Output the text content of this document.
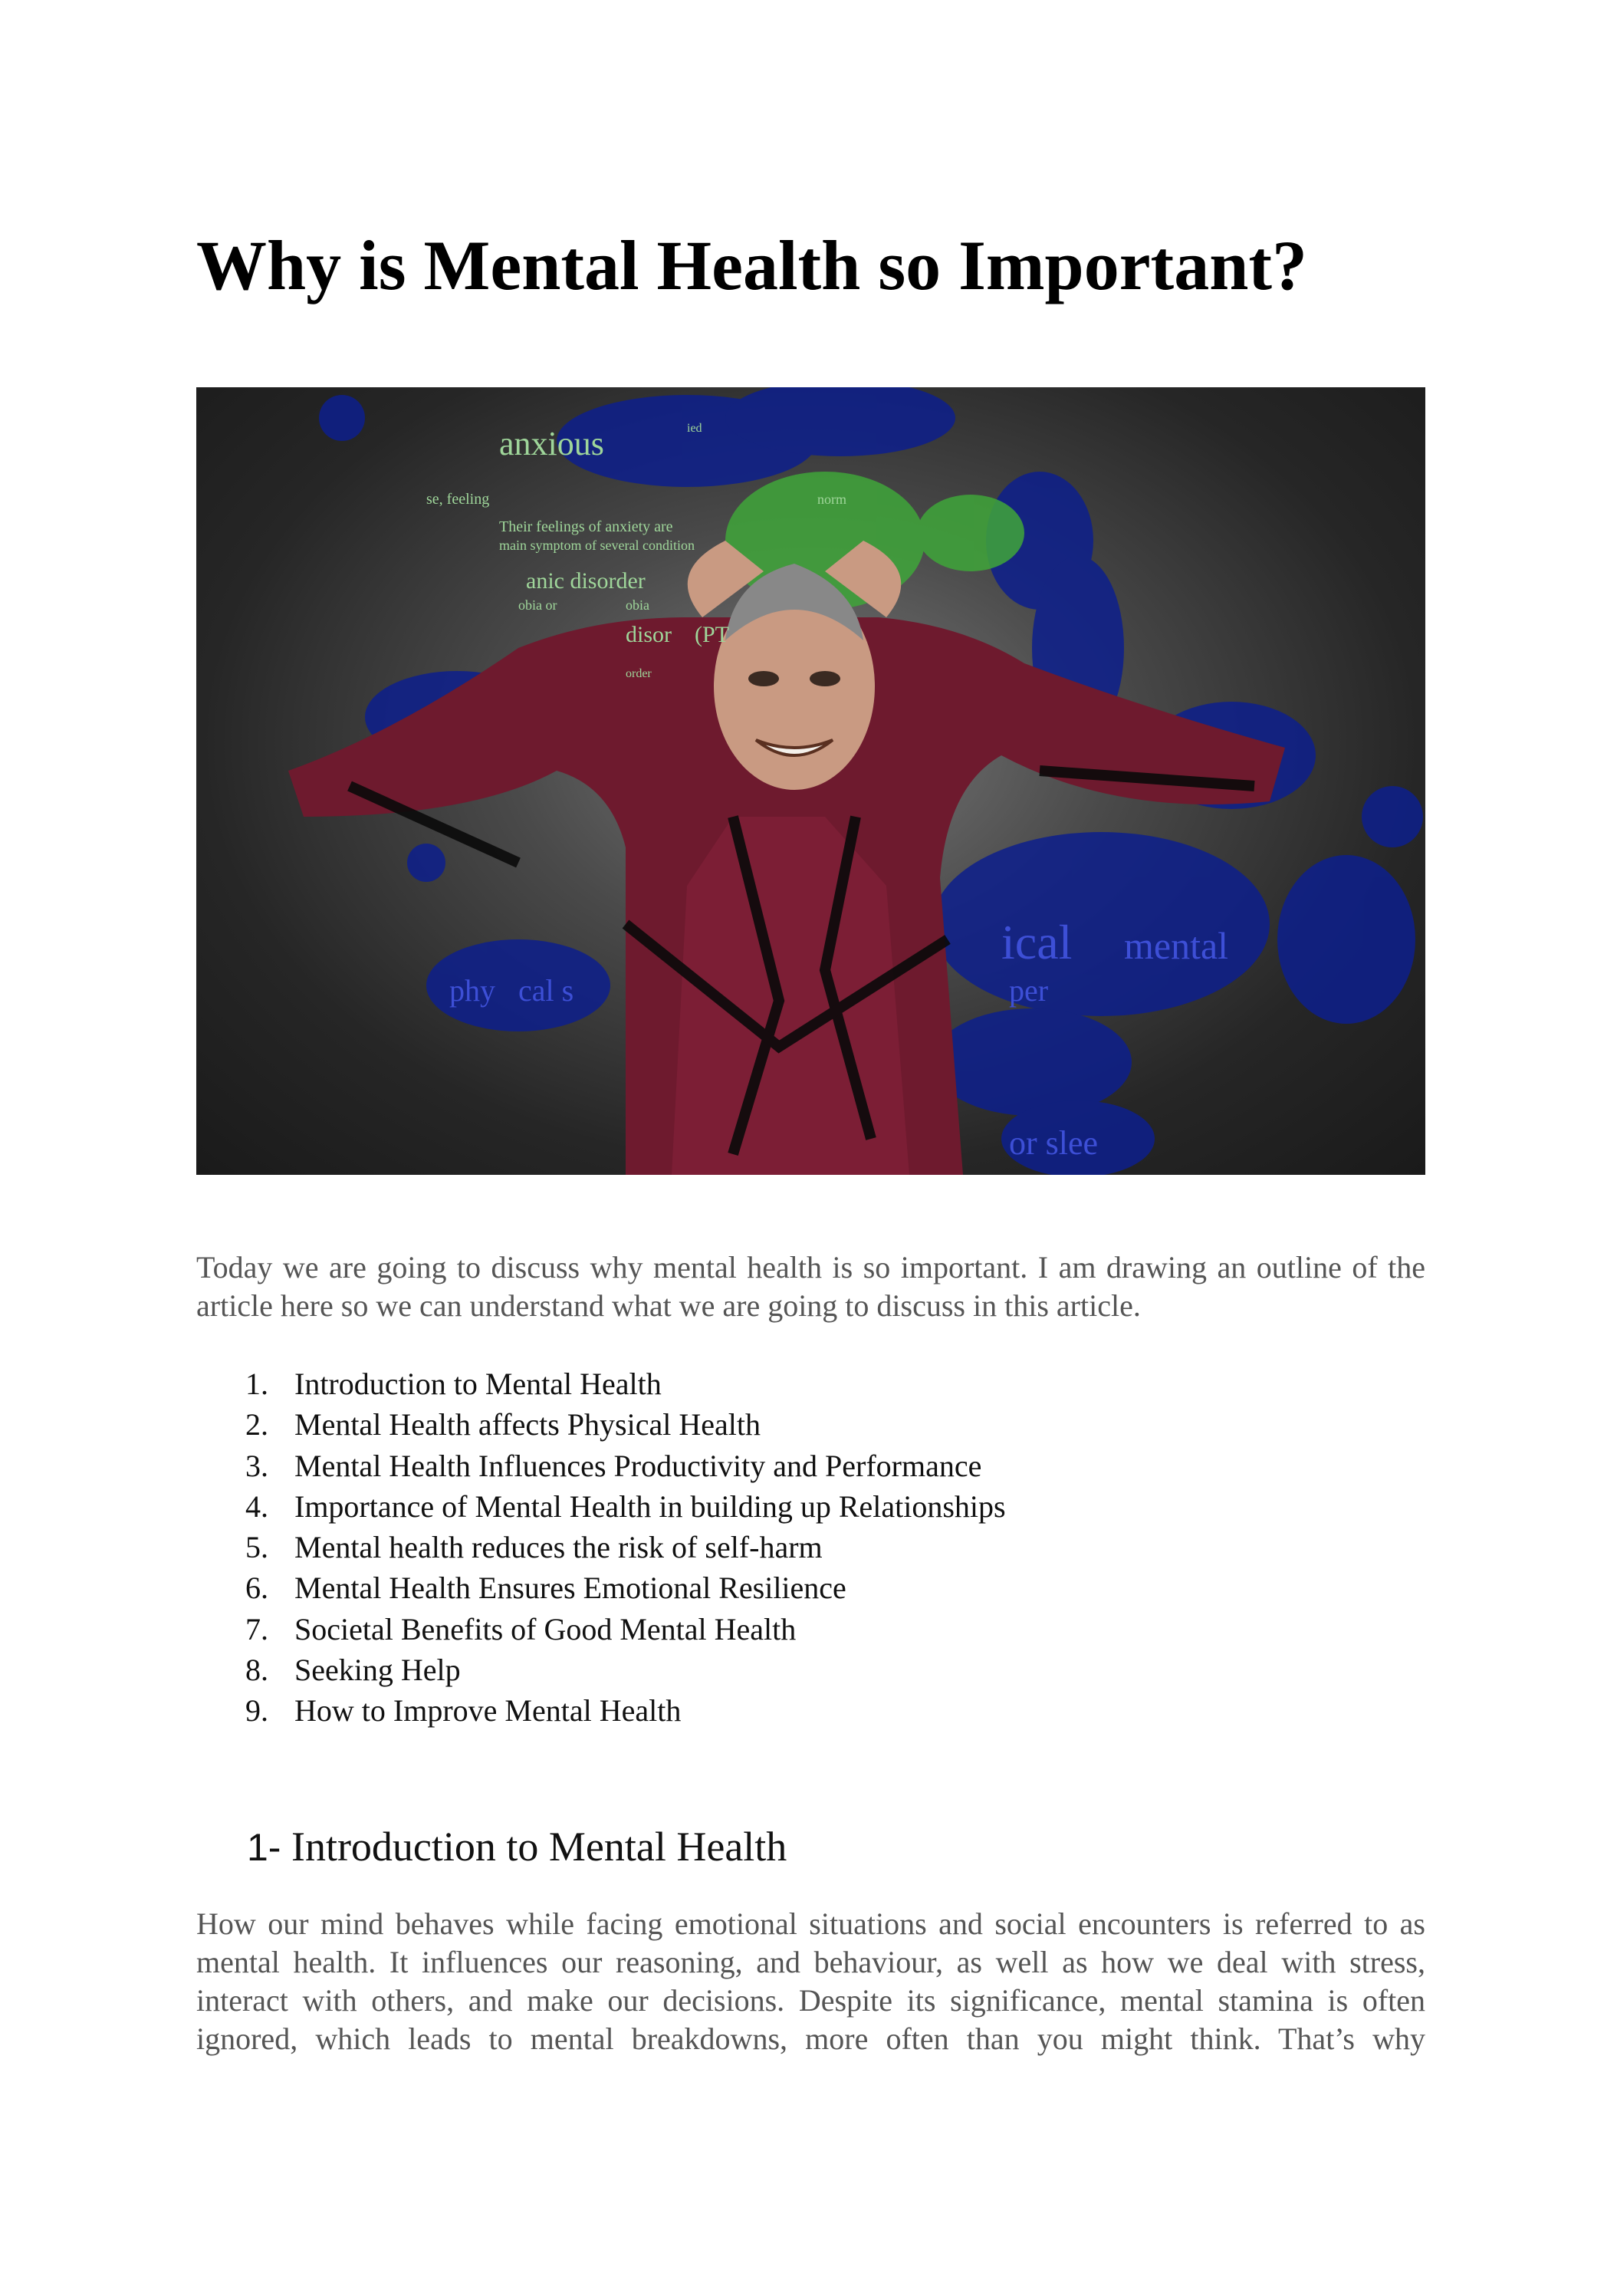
Why is Mental Health so Important?
anxious
se, feeling	norm
Their feelings of anxiety are
main symptom of several condition
anic disorder
obia or	obia
disor (PT
order
ied
ical mental
phy cal s	per
or slee

Today we are going to discuss why mental health is so important. I am drawing an outline of the article here so we can understand what we are going to discuss in this article.

1. Introduction to Mental Health
2. Mental Health affects Physical Health
3. Mental Health Influences Productivity and Performance
4. Importance of Mental Health in building up Relationships
5. Mental health reduces the risk of self-harm
6. Mental Health Ensures Emotional Resilience
7. Societal Benefits of Good Mental Health
8. Seeking Help
9. How to Improve Mental Health
1- Introduction to Mental Health

How our mind behaves while facing emotional situations and social encounters is referred to as mental health. It influences our reasoning, and behaviour, as well as how we deal with stress, interact with others, and make our decisions. Despite its significance, mental stamina is often ignored, which leads to mental breakdowns, more often than you might think. That’s why
